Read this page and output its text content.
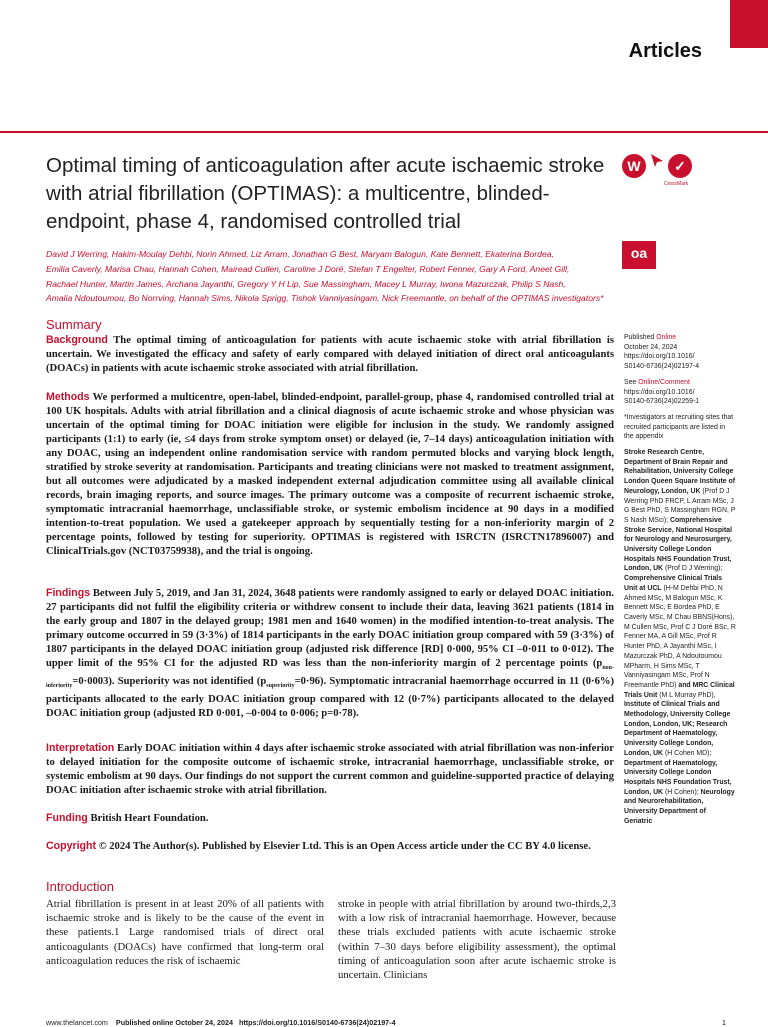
Articles
Optimal timing of anticoagulation after acute ischaemic stroke with atrial fibrillation (OPTIMAS): a multicentre, blinded-endpoint, phase 4, randomised controlled trial
W	✓
CrossMark
oa
David J Werring, Hakim-Moulay Dehbi, Norin Ahmed, Liz Arram, Jonathan G Best, Maryam Balogun, Kate Bennett, Ekaterina Bordea,
Emilia Caverly, Marisa Chau, Hannah Cohen, Mairead Cullen, Caroline J Doré, Stefan T Engelter, Robert Fenner, Gary A Ford, Aneet Gill,
Rachael Hunter, Martin James, Archana Jayanthi, Gregory Y H Lip, Sue Massingham, Macey L Murray, Iwona Mazurczak, Philip S Nash,
Amalia Ndoutoumou, Bo Norrving, Hannah Sims, Nikola Sprigg, Tishok Vanniyasingam, Nick Freemantle, on behalf of the OPTIMAS investigators*
Summary

Background The optimal timing of anticoagulation for patients with acute ischaemic stoke with atrial fibrillation is uncertain. We investigated the efficacy and safety of early compared with delayed initiation of direct oral anticoagulants (DOACs) in patients with acute ischaemic stroke associated with atrial fibrillation.

Methods We performed a multicentre, open-label, blinded-endpoint, parallel-group, phase 4, randomised controlled trial at 100 UK hospitals. Adults with atrial fibrillation and a clinical diagnosis of acute ischaemic stroke and whose physician was uncertain of the optimal timing for DOAC initiation were eligible for inclusion in the study. We randomly assigned participants (1:1) to early (ie, ≤4 days from stroke symptom onset) or delayed (ie, 7–14 days) anticoagulation initiation with any DOAC, using an independent online randomisation service with random permuted blocks and varying block length, stratified by stroke severity at randomisation. Participants and treating clinicians were not masked to treatment assignment, but all outcomes were adjudicated by a masked independent external adjudication committee using all available clinical records, brain imaging reports, and source images. The primary outcome was a composite of recurrent ischaemic stroke, symptomatic intracranial haemorrhage, unclassifiable stroke, or systemic embolism incidence at 90 days in a modified intention-to-treat population. We used a gatekeeper approach by sequentially testing for a non-inferiority margin of 2 percentage points, followed by testing for superiority. OPTIMAS is registered with ISRCTN (ISRCTN17896007) and ClinicalTrials.gov (NCT03759938), and the trial is ongoing.

Findings Between July 5, 2019, and Jan 31, 2024, 3648 patients were randomly assigned to early or delayed DOAC initiation. 27 participants did not fulfil the eligibility criteria or withdrew consent to include their data, leaving 3621 patients (1814 in the early group and 1807 in the delayed group; 1981 men and 1640 women) in the modified intention-to-treat analysis. The primary outcome occurred in 59 (3·3%) of 1814 participants in the early DOAC initiation group compared with 59 (3·3%) of 1807 participants in the delayed DOAC initiation group (adjusted risk difference [RD] 0·000, 95% CI –0·011 to 0·012). The upper limit of the 95% CI for the adjusted RD was less than the non-inferiority margin of 2 percentage points $(p_{non-inferiority}=0\cdot 0003)$. Superiority was not identified $(p_{superiority}=0\cdot 96)$. Symptomatic intracranial haemorrhage occurred in 11 (0·6%) participants allocated to the early DOAC initiation group compared with 12 (0·7%) participants allocated to the delayed DOAC initiation group (adjusted RD 0·001, –0·004 to 0·006; p=0·78).

Interpretation Early DOAC initiation within 4 days after ischaemic stroke associated with atrial fibrillation was non-inferior to delayed initiation for the composite outcome of ischaemic stroke, intracranial haemorrhage, unclassifiable stroke, or systemic embolism at 90 days. Our findings do not support the current common and guideline-supported practice of delaying DOAC initiation after ischaemic stroke with atrial fibrillation.

Funding British Heart Foundation.

Copyright © 2024 The Author(s). Published by Elsevier Ltd. This is an Open Access article under the CC BY 4.0 license.

Introduction

Atrial fibrillation is present in at least 20% of all patients with ischaemic stroke and is likely to be the cause of the event in these patients.1 Large randomised trials of direct oral anticoagulants (DOACs) have confirmed that long-term oral anticoagulation reduces the risk of ischaemic

stroke in people with atrial fibrillation by around two-thirds,2,3 with a low risk of intracranial haemorrhage. However, because these trials excluded patients with acute ischaemic stroke (within 7–30 days before eligibility assessment), the optimal timing of anticoagulation soon after acute ischaemic stroke is uncertain. Clinicians

Published Online
October 24, 2024
https://doi.org/10.1016/
S0140-6736(24)02197-4

See Online/Comment
https://doi.org/10.1016/
S0140-6736(24)02259-1

*Investigators at recruiting sites that recruited participants are listed in the appendix

Stroke Research Centre, Department of Brain Repair and Rehabilitation, University College London Queen Square Institute of Neurology, London, UK (Prof D J Werring PhD FRCP, L Arram MSc, J G Best PhD, S Massingham RGN, P S Nash MSci); Comprehensive Stroke Service, National Hospital for Neurology and Neurosurgery, University College London Hospitals NHS Foundation Trust, London, UK (Prof D J Werring); Comprehensive Clinical Trials Unit at UCL (H-M Dehbi PhD, N Ahmed MSc, M Balogun MSc, K Bennett MSc, E Bordea PhD, E Caverly MSc, M Chau BBNS(Hons), M Cullen MSc, Prof C J Doré BSc, R Fenner MA, A Gill MSc, Prof R Hunter PhD, A Jayanthi MSc, I Mazurczak PhD, A Ndoutoumou MPharm, H Sims MSc, T Vanniyasingam MSc, Prof N Freemantle PhD) and MRC Clinical Trials Unit (M L Murray PhD), Institute of Clinical Trials and Methodology, University College London, London, UK; Research Department of Haematology, University College London, London, UK (H Cohen MD); Department of Haematology, University College London Hospitals NHS Foundation Trust, London, UK (H Cohen); Neurology and Neurorehabilitation, University Department of Geriatric

www.thelancet.com Published online October 24, 2024 https://doi.org/10.1016/S0140-6736(24)02197-4	1
